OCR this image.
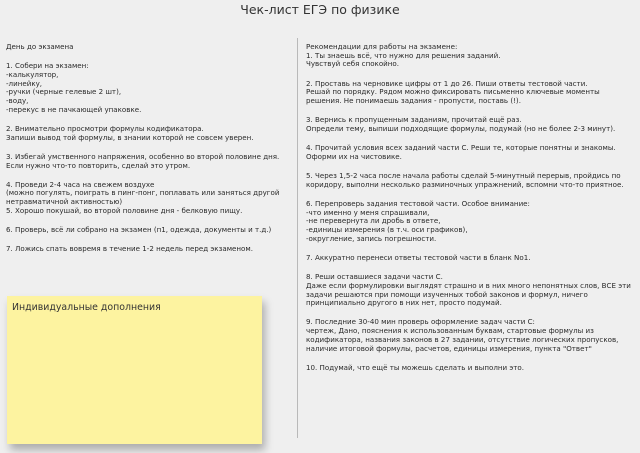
Чек-лист ЕГЭ по физике
День до экзамена
1. Собери на экзамен:
-калькулятор,
-линейку,
-ручки (черные гелевые 2 шт),
-воду,
-перекус в не пачкающей упаковке.
2. Внимательно просмотри формулы кодификатора.
Запиши вывод той формулы, в знании которой не совсем уверен.
3. Избегай умственного напряжения, особенно во второй половине дня.
Если нужно что-то повторить, сделай это утром.
4. Проведи 2-4 часа на свежем воздухе
(можно погулять, поиграть в пинг-понг, поплавать или заняться другой
нетравматичной активностью)
5. Хорошо покушай, во второй половине дня - белковую пищу.
6. Проверь, всё ли собрано на экзамен (п1, одежда, документы и т.д.)
7. Ложись спать вовремя в течение 1-2 недель перед экзаменом.
Рекомендации для работы на экзамене:
1. Ты знаешь всё, что нужно для решения заданий.
Чувствуй себя спокойно.
2. Проставь на черновике цифры от 1 до 26. Пиши ответы тестовой части.
Решай по порядку. Рядом можно фиксировать письменно ключевые моменты
решения. Не понимаешь задания - пропусти, поставь (!).
3. Вернись к пропущенным заданиям, прочитай ещё раз.
Определи тему, выпиши подходящие формулы, подумай (но не более 2-3 минут).
4. Прочитай условия всех заданий части С. Реши те, которые понятны и знакомы.
Оформи их на чистовике.
5. Через 1,5-2 часа после начала работы сделай 5-минутный перерыв, пройдись по
коридору, выполни несколько разминочных упражнений, вспомни что-то приятное.
6. Перепроверь задания тестовой части. Особое внимание:
-что именно у меня спрашивали,
-не перевернута ли дробь в ответе,
-единицы измерения (в т.ч. оси графиков),
-округление, запись погрешности.
7. Аккуратно перенеси ответы тестовой части в бланк No1.
8. Реши оставшиеся задачи части С.
Даже если формулировки выглядят страшно и в них много непонятных слов, ВСЕ эти
задачи решаются при помощи изученных тобой законов и формул, ничего
принципиально другого в них нет, просто подумай.
9. Последние 30-40 мин проверь оформление задач части С:
чертеж, Дано, пояснения к использованным буквам, стартовые формулы из
кодификатора, названия законов в 27 задании, отсутствие логических пропусков,
наличие итоговой формулы, расчетов, единицы измерения, пункта "Ответ"
10. Подумай, что ещё ты можешь сделать и выполни это.
Индивидуальные дополнения
